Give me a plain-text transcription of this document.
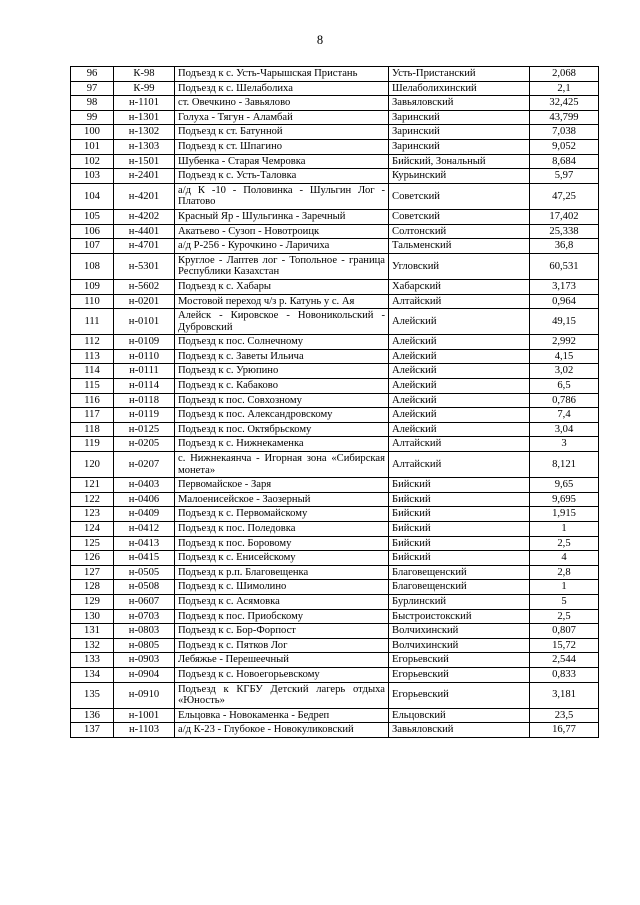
8
96	К-98	Подъезд к с. Усть-Чарышская Пристань	Усть-Пристанский	2,068
97	К-99	Подъезд к с. Шелаболиха	Шелаболихинский	2,1
98	н-1101	ст. Овечкино - Завьялово	Завьяловский	32,425
99	н-1301	Голуха - Тягун - Аламбай	Заринский	43,799
100	н-1302	Подъезд к ст. Батунной	Заринский	7,038
101	н-1303	Подъезд к ст. Шпагино	Заринский	9,052
102	н-1501	Шубенка - Старая Чемровка	Бийский, Зональный	8,684
103	н-2401	Подъезд к с. Усть-Таловка	Курьинский	5,97
104	н-4201	а/д К -10 - Половинка - Шульгин Лог - Платово	Советский	47,25
105	н-4202	Красный Яр - Шульгинка - Заречный	Советский	17,402
106	н-4401	Акатьево - Сузоп - Новотроицк	Солтонский	25,338
107	н-4701	а/д Р-256 - Курочкино - Ларичиха	Тальменский	36,8
108	н-5301	Круглое - Лаптев лог - Топольное - граница Республики Казахстан	Угловский	60,531
109	н-5602	Подъезд к с. Хабары	Хабарский	3,173
110	н-0201	Мостовой переход ч/з р. Катунь у с. Ая	Алтайский	0,964
111	н-0101	Алейск - Кировское - Новоникольский - Дубровский	Алейский	49,15
112	н-0109	Подъезд к пос. Солнечному	Алейский	2,992
113	н-0110	Подъезд к с. Заветы Ильича	Алейский	4,15
114	н-0111	Подъезд к с. Урюпино	Алейский	3,02
115	н-0114	Подъезд к с. Кабаково	Алейский	6,5
116	н-0118	Подъезд к пос. Совхозному	Алейский	0,786
117	н-0119	Подъезд к пос. Александровскому	Алейский	7,4
118	н-0125	Подъезд к пос. Октябрьскому	Алейский	3,04
119	н-0205	Подъезд к с. Нижнекаменка	Алтайский	3
120	н-0207	с. Нижнекаянча - Игорная зона «Сибирская монета»	Алтайский	8,121
121	н-0403	Первомайское - Заря	Бийский	9,65
122	н-0406	Малоенисейское - Заозерный	Бийский	9,695
123	н-0409	Подъезд к с. Первомайскому	Бийский	1,915
124	н-0412	Подъезд к пос. Поледовка	Бийский	1
125	н-0413	Подъезд к пос. Боровому	Бийский	2,5
126	н-0415	Подъезд к с. Енисейскому	Бийский	4
127	н-0505	Подъезд к р.п. Благовещенка	Благовещенский	2,8
128	н-0508	Подъезд к с. Шимолино	Благовещенский	1
129	н-0607	Подъезд к с. Асямовка	Бурлинский	5
130	н-0703	Подъезд к пос. Приобскому	Быстроистокский	2,5
131	н-0803	Подъезд к с. Бор-Форпост	Волчихинский	0,807
132	н-0805	Подъезд к с. Пятков Лог	Волчихинский	15,72
133	н-0903	Лебяжье - Перешеечный	Егорьевский	2,544
134	н-0904	Подъезд к с. Новоегорьевскому	Егорьевский	0,833
135	н-0910	Подъезд к КГБУ Детский лагерь отдыха «Юность»	Егорьевский	3,181
136	н-1001	Ельцовка - Новокаменка - Бедреп	Ельцовский	23,5
137	н-1103	а/д К-23 - Глубокое - Новокуликовский	Завьяловский	16,77
